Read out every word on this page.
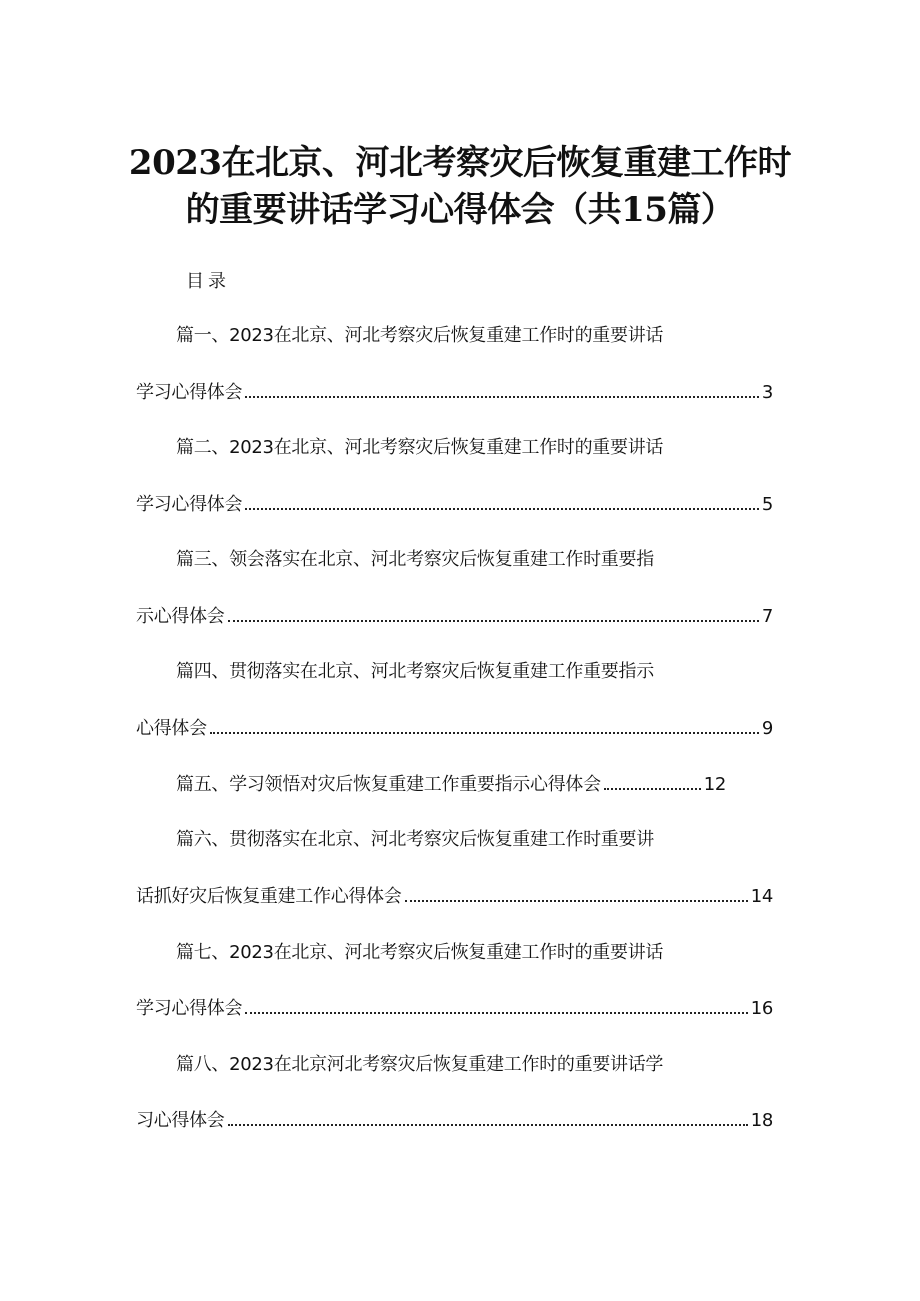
2023在北京、河北考察灾后恢复重建工作时
的重要讲话学习心得体会（共15篇）
目录
篇一、2023在北京、河北考察灾后恢复重建工作时的重要讲话
学习心得体会	3
篇二、2023在北京、河北考察灾后恢复重建工作时的重要讲话
学习心得体会	5
篇三、领会落实在北京、河北考察灾后恢复重建工作时重要指
示心得体会	7
篇四、贯彻落实在北京、河北考察灾后恢复重建工作重要指示
心得体会	9
篇五、学习领悟对灾后恢复重建工作重要指示心得体会	12
篇六、贯彻落实在北京、河北考察灾后恢复重建工作时重要讲
话抓好灾后恢复重建工作心得体会	14
篇七、2023在北京、河北考察灾后恢复重建工作时的重要讲话
学习心得体会	16
篇八、2023在北京河北考察灾后恢复重建工作时的重要讲话学
习心得体会	18
